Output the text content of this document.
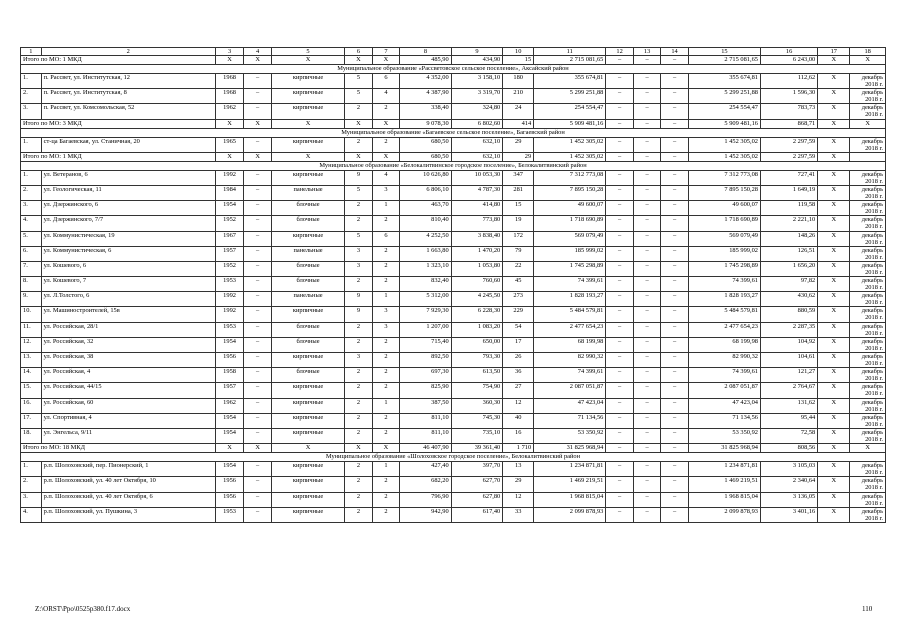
1	2	3	4	5	6	7	8	9	10	11	12	13	14	15	16	17	18
Итого по МО: 1 МКД		X	X	X	X	X	485,90	434,90	15	2 715 081,65	–	–	–	2 715 081,65	6 243,00	X	X
Муниципальное образование «Рассветовское сельское поселение», Аксайский район																	
1.	п. Рассвет, ул. Институтская, 12	1968	–	кирпичные	5	6	4 352,00	3 158,10	180	355 674,81	–	–	–	355 674,81	112,62	X	декабрь 2018 г.
2.	п. Рассвет, ул. Институтская, 8	1968	–	кирпичные	5	4	4 387,90	3 319,70	210	5 299 251,88	–	–	–	5 299 251,88	1 596,30	X	декабрь 2018 г.
3.	п. Рассвет, ул. Комсомольская, 52	1962	–	кирпичные	2	2	338,40	324,80	24	254 554,47	–	–	–	254 554,47	783,73	X	декабрь 2018 г.
Итого по МО: 3 МКД		X	X	X	X	X	9 078,30	6 802,60	414	5 909 481,16	–	–	–	5 909 481,16	868,71	X	X
Муниципальное образование «Багаевское сельское поселение», Багаевский район																	
1.	ст-ца Багаевская, ул. Станичная, 20	1965	–	кирпичные	2	2	680,50	632,10	29	1 452 305,02	–	–	–	1 452 305,02	2 297,59	X	декабрь 2018 г.
Итого по МО: 1 МКД		X	X	X	X	X	680,50	632,10	29	1 452 305,02	–	–	–	1 452 305,02	2 297,59	X	
Муниципальное образование «Белокалитвинское городское поселение», Белокалитвинский район																	
1.	ул. Ветеранов, 6	1992	–	кирпичные	9	4	10 626,80	10 053,30	347	7 312 773,08	–	–	–	7 312 773,08	727,41	X	декабрь 2018 г.
2.	ул. Геологическая, 11	1984	–	панельные	5	3	6 806,10	4 787,30	281	7 895 150,28	–	–	–	7 895 150,28	1 649,19	X	декабрь 2018 г.
3.	ул. Дзержинского, 6	1954	–	блочные	2	1	463,70	414,80	15	49 600,07	–	–	–	49 600,07	119,58	X	декабрь 2018 г.
4.	ул. Дзержинского, 7/7	1952	–	блочные	2	2	810,40	773,80	19	1 718 690,89	–	–	–	1 718 690,89	2 221,10	X	декабрь 2018 г.
5.	ул. Коммунистическая, 19	1967	–	кирпичные	5	6	4 252,50	3 838,40	172	569 079,49	–	–	–	569 079,49	148,26	X	декабрь 2018 г.
6.	ул. Коммунистическая, 6	1957	–	панельные	3	2	1 663,80	1 470,20	79	185 999,02	–	–	–	185 999,02	126,51	X	декабрь 2018 г.
7.	ул. Кошевого, 6	1952	–	блочные	3	2	1 323,10	1 053,80	22	1 745 298,89	–	–	–	1 745 298,89	1 656,20	X	декабрь 2018 г.
8.	ул. Кошевого, 7	1953	–	блочные	2	2	832,40	760,60	45	74 399,61	–	–	–	74 399,61	97,82	X	декабрь 2018 г.
9.	ул. Л.Толстого, 6	1992	–	панельные	9	1	5 312,00	4 245,50	273	1 828 193,27	–	–	–	1 828 193,27	430,62	X	декабрь 2018 г.
10.	ул. Машиностроителей, 15в	1992	–	кирпичные	9	3	7 929,30	6 228,30	229	5 484 579,81	–	–	–	5 484 579,81	880,59	X	декабрь 2018 г.
11.	ул. Российская, 28/1	1953	–	блочные	2	3	1 207,00	1 083,20	54	2 477 654,23	–	–	–	2 477 654,23	2 287,35	X	декабрь 2018 г.
12.	ул. Российская, 32	1954	–	блочные	2	2	715,40	650,00	17	68 199,98	–	–	–	68 199,98	104,92	X	декабрь 2018 г.
13.	ул. Российская, 38	1956	–	кирпичные	3	2	892,50	793,30	26	82 990,32	–	–	–	82 990,32	104,61	X	декабрь 2018 г.
14.	ул. Российская, 4	1958	–	блочные	2	2	697,30	613,50	36	74 399,61	–	–	–	74 399,61	121,27	X	декабрь 2018 г.
15.	ул. Российская, 44/15	1957	–	кирпичные	2	2	825,90	754,90	27	2 087 051,87	–	–	–	2 087 051,87	2 764,67	X	декабрь 2018 г.
16.	ул. Российская, 60	1962	–	кирпичные	2	1	387,50	360,30	12	47 423,04	–	–	–	47 423,04	131,62	X	декабрь 2018 г.
17.	ул. Спортивная, 4	1954	–	кирпичные	2	2	811,10	745,30	40	71 134,56	–	–	–	71 134,56	95,44	X	декабрь 2018 г.
18.	ул. Энгельса, 9/11	1954	–	кирпичные	2	2	811,10	735,10	16	53 350,92	–	–	–	53 350,92	72,58	X	декабрь 2018 г.
Итого по МО: 18 МКД		X	X	X	X	X	46 407,90	39 361,40	1 710	31 825 968,94	–	–	–	31 825 968,94	808,56	X	X
Муниципальное образование «Шолоховское городское поселение», Белокалитвинский район																	
1.	р.п. Шолоховский, пер. Пионерский, 1	1954	–	кирпичные	2	1	427,40	397,70	13	1 234 871,81	–	–	–	1 234 871,81	3 105,03	X	декабрь 2018 г.
2.	р.п. Шолоховский, ул. 40 лет Октября, 10	1956	–	кирпичные	2	2	682,20	627,70	29	1 469 219,51	–	–	–	1 469 219,51	2 340,64	X	декабрь 2018 г.
3.	р.п. Шолоховский, ул. 40 лет Октября, 6	1956	–	кирпичные	2	2	796,90	627,80	12	1 968 815,04	–	–	–	1 968 815,04	3 136,05	X	декабрь 2018 г.
4.	р.п. Шолоховский, ул. Пушкина, 3	1953	–	кирпичные	2	2	942,90	617,40	33	2 099 878,93	–	–	–	2 099 878,93	3 401,16	X	декабрь 2018 г.
Z:\ORST\Ppo\0525p380.f17.docx	110
